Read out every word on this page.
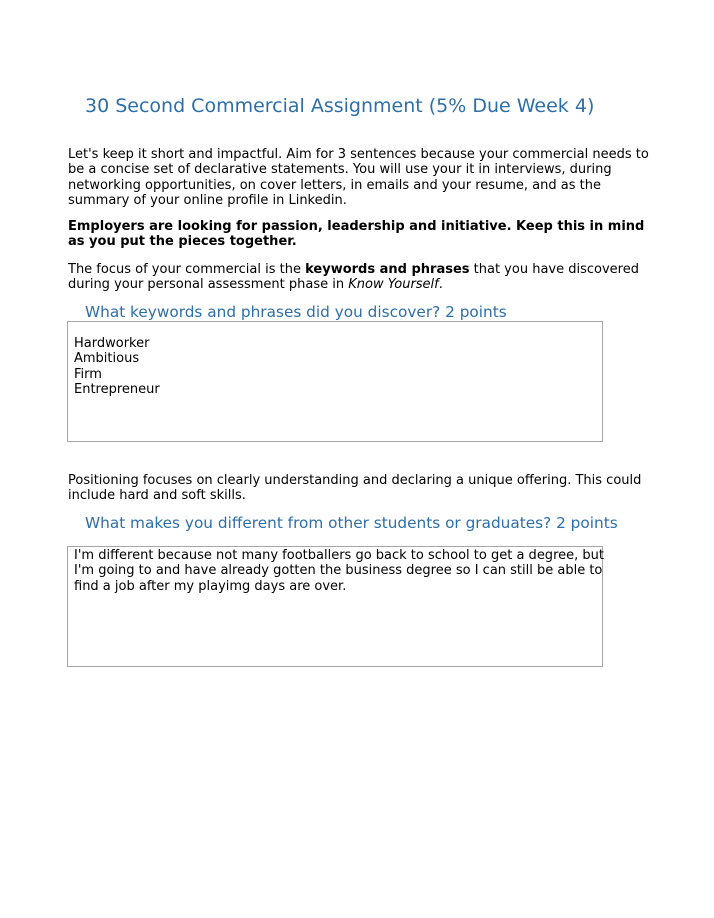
30 Second Commercial Assignment (5% Due Week 4)
Let's keep it short and impactful. Aim for 3 sentences because your commercial needs to be a concise set of declarative statements. You will use your it in interviews, during networking opportunities, on cover letters, in emails and your resume, and as the summary of your online profile in Linkedin.
Employers are looking for passion, leadership and initiative. Keep this in mind as you put the pieces together.
The focus of your commercial is the keywords and phrases that you have discovered during your personal assessment phase in Know Yourself.
What keywords and phrases did you discover? 2 points
Hardworker
Ambitious
Firm
Entrepreneur
Positioning focuses on clearly understanding and declaring a unique offering. This could include hard and soft skills.
What makes you different from other students or graduates? 2 points
I'm different because not many footballers go back to school to get a degree, but
I'm going to and have already gotten the business degree so I can still be able to
find a job after my playimg days are over.
